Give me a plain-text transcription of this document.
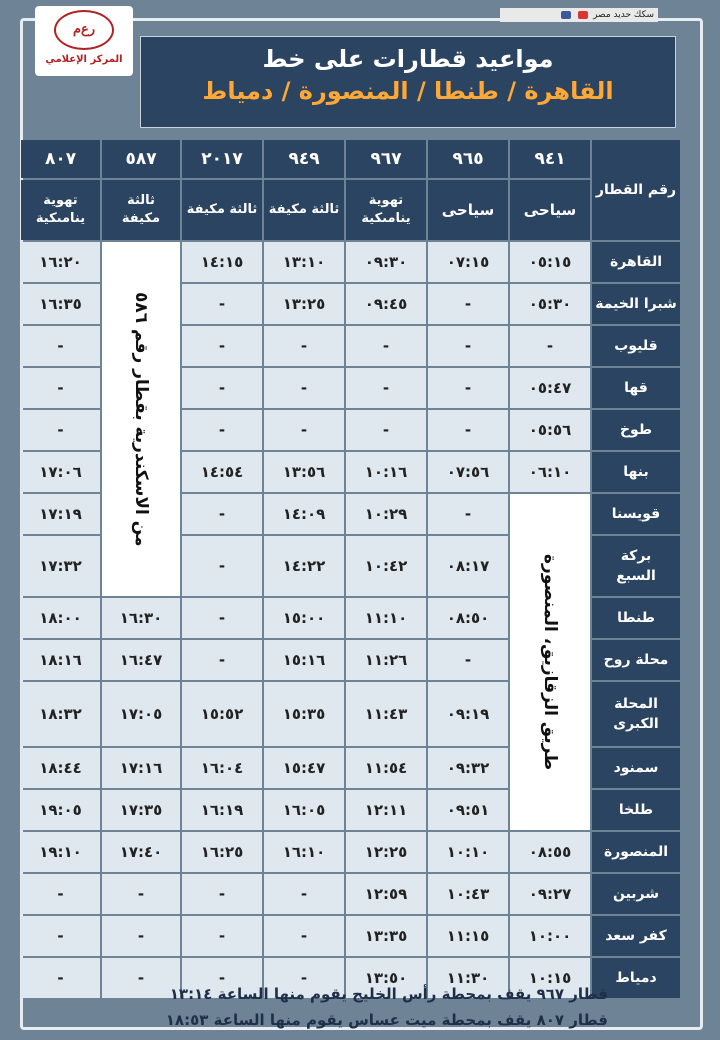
ﺭﻉﻡ
المركز الإعلامي
سكك حديد مصر
مواعيد قطارات على خط
القاهرة / طنطا / المنصورة / دمياط
رقم القطار
٩٤١
٩٦٥
٩٦٧
٩٤٩
٢٠١٧
٥٨٧
٨٠٧
سياحى
سياحى
تهوية ينامىكية
ثالثة مكيفة
ثالثة مكيفة
ثالثة مكيفة
تهوية ينامىكية
القاهرة
شبرا الخيمة
قليوب
قها
طوخ
بنها
قويسنا
بركة السبع
طنطا
محلة روح
المحلة الكبرى
سمنود
طلخا
المنصورة
شربين
كفر سعد
دمياط
٠٥:١٥
٠٥:٣٠
-
٠٥:٤٧
٠٥:٥٦
٠٦:١٠
طريق الزقازيق، المنصورة
٠٨:٥٥
٠٩:٢٧
١٠:٠٠
١٠:١٥
من الاسكندرية بقطار رقم ٥٨٦
١٦:٣٠
١٦:٤٧
١٧:٠٥
١٧:١٦
١٧:٣٥
١٧:٤٠
-
-
-
٠٧:١٥
-
-
-
-
٠٧:٥٦
-
٠٨:١٧
٠٨:٥٠
-
٠٩:١٩
٠٩:٣٢
٠٩:٥١
١٠:١٠
١٠:٤٣
١١:١٥
١١:٣٠
٠٩:٣٠
٠٩:٤٥
-
-
-
١٠:١٦
١٠:٢٩
١٠:٤٢
١١:١٠
١١:٢٦
١١:٤٣
١١:٥٤
١٢:١١
١٢:٢٥
١٢:٥٩
١٣:٣٥
١٣:٥٠
١٣:١٠
١٣:٢٥
-
-
-
١٣:٥٦
١٤:٠٩
١٤:٢٢
١٥:٠٠
١٥:١٦
١٥:٣٥
١٥:٤٧
١٦:٠٥
١٦:١٠
-
-
-
١٤:١٥
-
-
-
-
١٤:٥٤
-
-
-
-
١٥:٥٢
١٦:٠٤
١٦:١٩
١٦:٢٥
-
-
-
١٦:٢٠
١٦:٣٥
-
-
-
١٧:٠٦
١٧:١٩
١٧:٣٢
١٨:٠٠
١٨:١٦
١٨:٣٢
١٨:٤٤
١٩:٠٥
١٩:١٠
-
-
-
قطار ٩٦٧ يقف بمحطة رأس الخليج يقوم منها الساعة ١٣:١٤
قطار ٨٠٧ يقف بمحطة ميت عساس يقوم منها الساعة ١٨:٥٣
